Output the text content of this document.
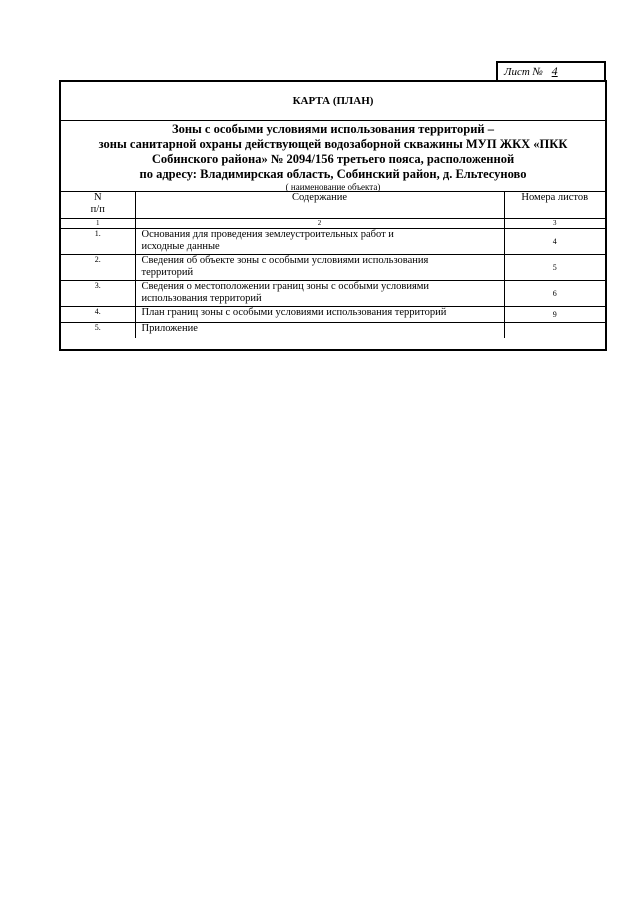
Лист № 4
КАРТА (ПЛАН)
Зоны с особыми условиями использования территорий –
зоны санитарной охраны действующей водозаборной скважины МУП ЖКХ «ПКК
Собинского района» № 2094/156 третьего пояса, расположенной
по адресу: Владимирская область, Собинский район, д. Ельтесуново
( наименование объекта)
N
п/п	Содержание	Номера листов
1	2	3
1.	Основания для проведения землеустроительных работ и
исходные данные	4
2.	Сведения об объекте зоны с особыми условиями использования
территорий	5
3.	Сведения о местоположении границ зоны с особыми условиями
использования территорий	6
4.	План границ зоны с особыми условиями использования территорий	9
5.	Приложение	
